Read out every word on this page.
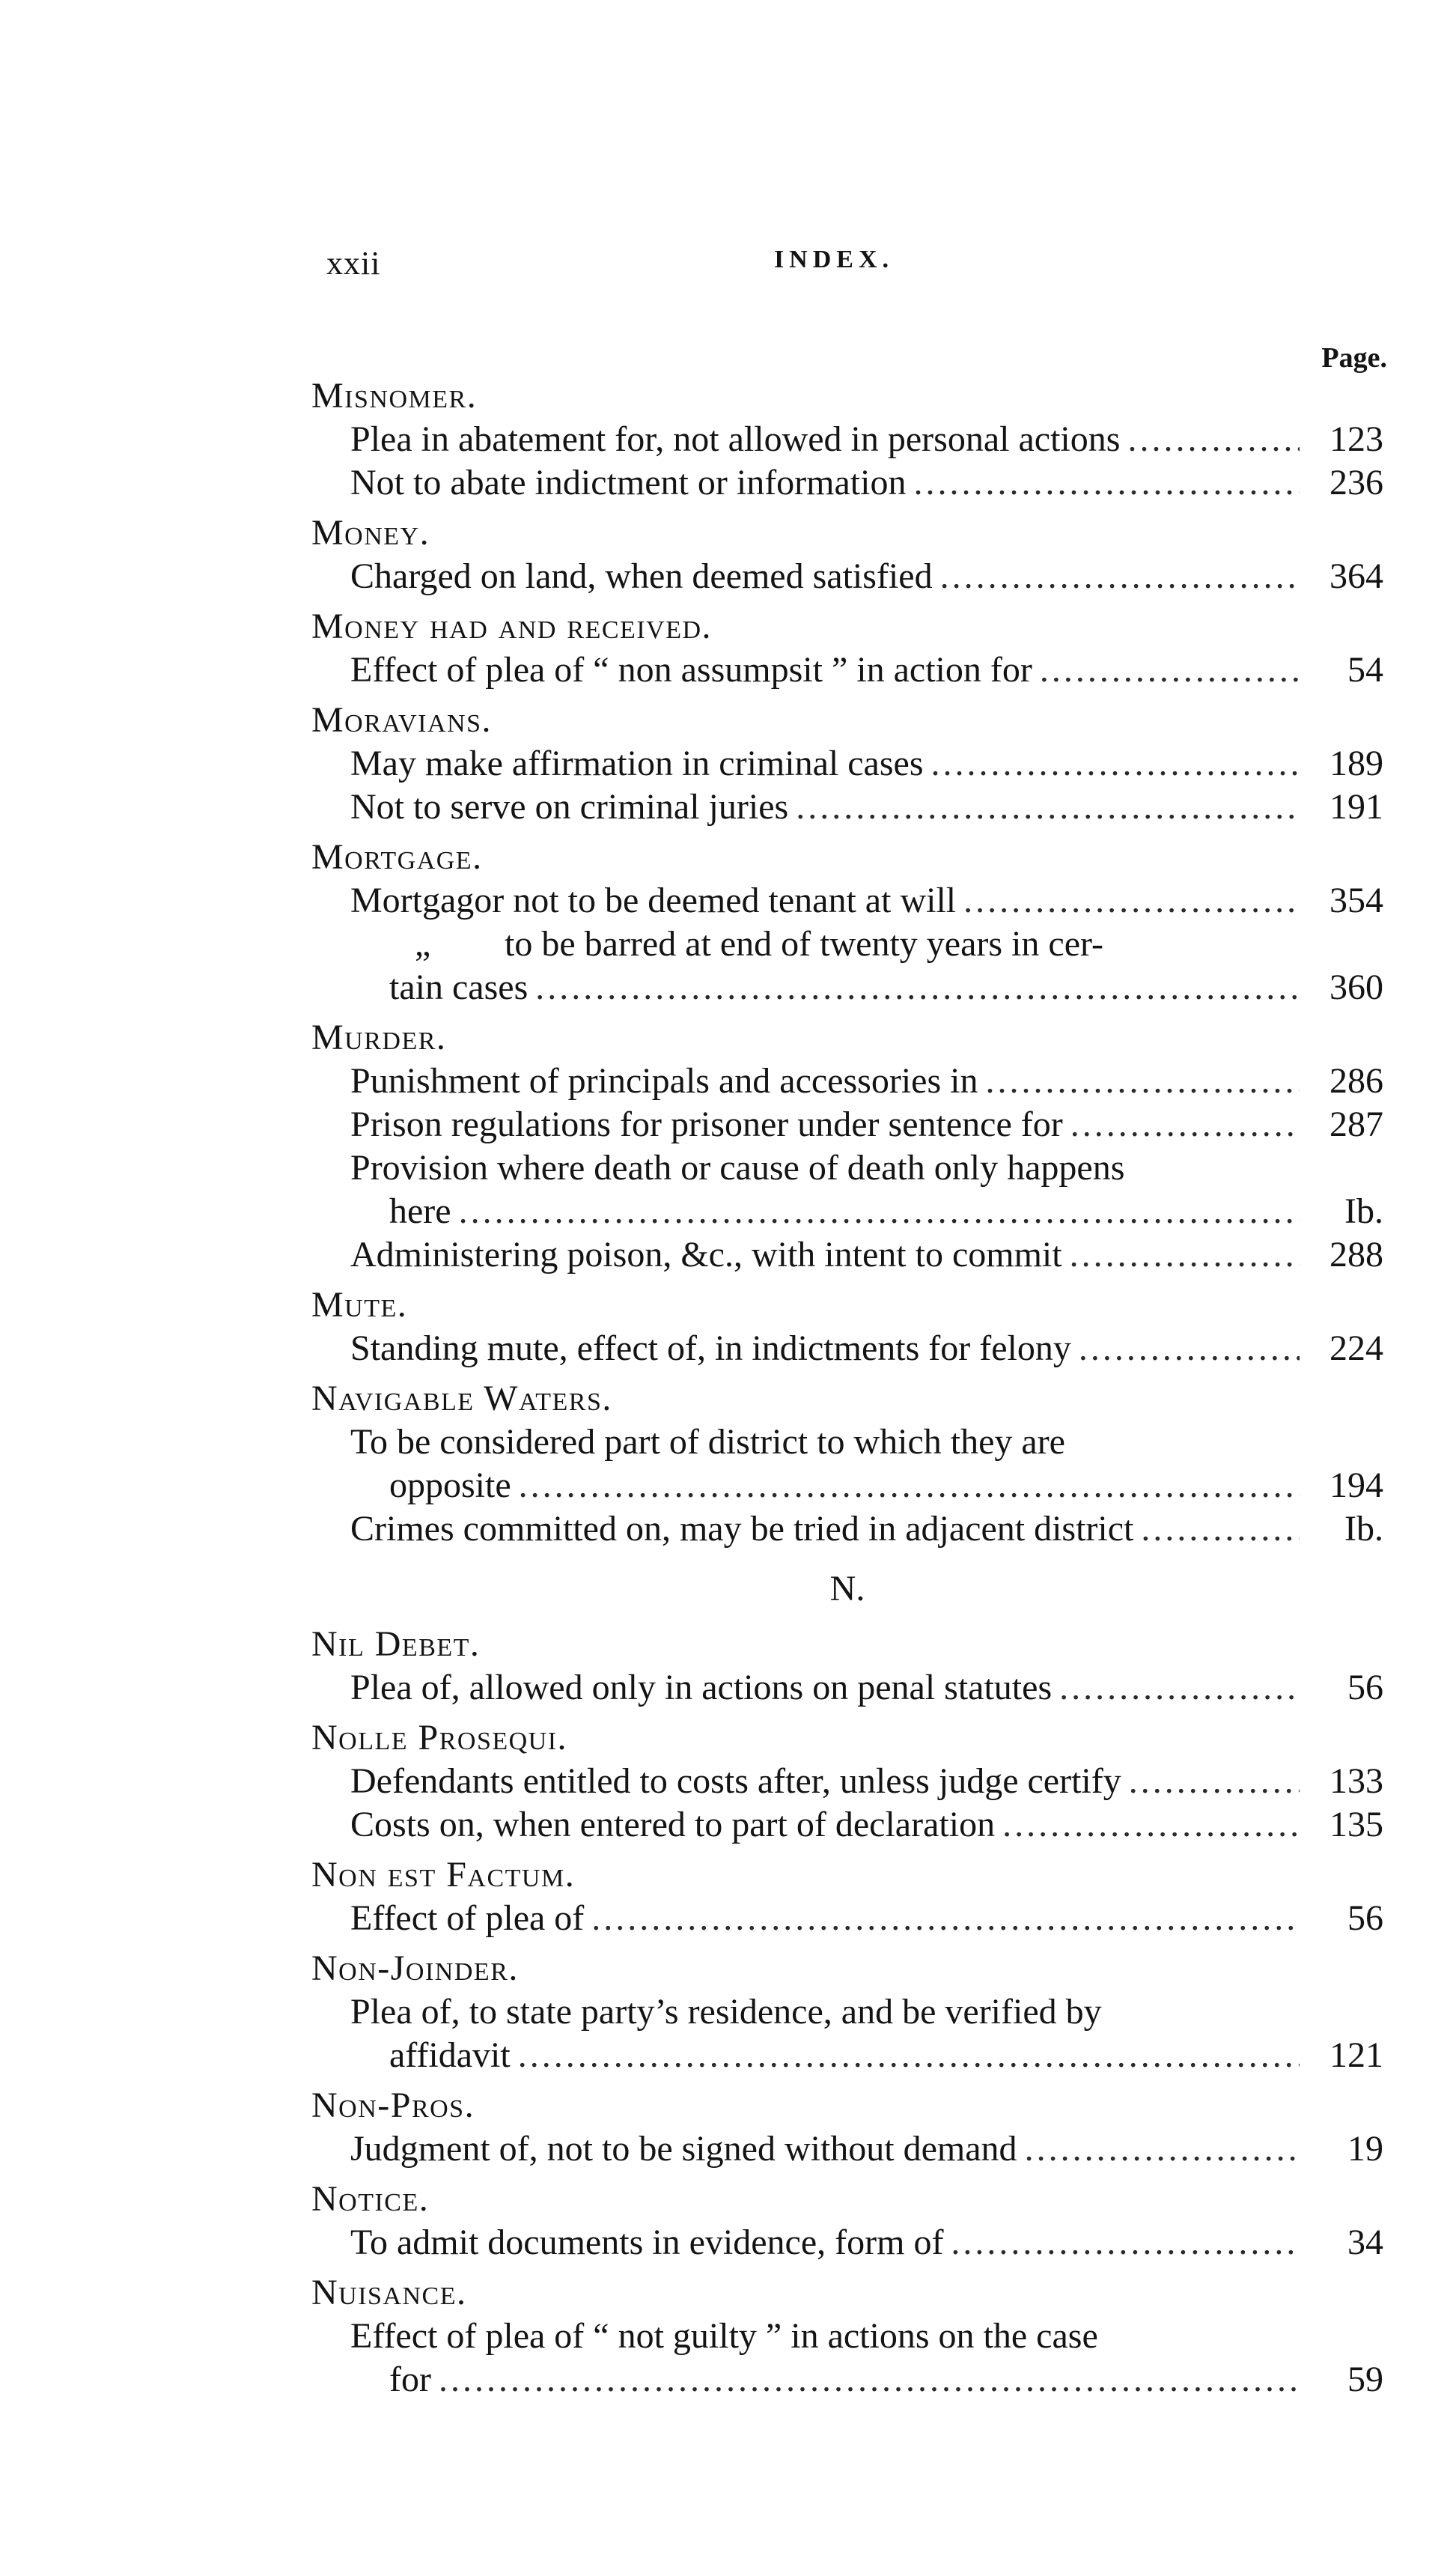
xxii	INDEX.
Page.
Misnomer.
Plea in abatement for, not allowed in personal actions .....	123
Not to abate indictment or information .....	236
Money.
Charged on land, when deemed satisfied .....	364
Money had and received.
Effect of plea of “ non assumpsit ” in action for .....	54
Moravians.
May make affirmation in criminal cases .....	189
Not to serve on criminal juries .....	191
Mortgage.
Mortgagor not to be deemed tenant at will .....	354
„ to be barred at end of twenty years in cer-
tain cases .....	360
Murder.
Punishment of principals and accessories in .....	286
Prison regulations for prisoner under sentence for .....	287
Provision where death or cause of death only happens
here .....	Ib.
Administering poison, &c., with intent to commit .....	288
Mute.
Standing mute, effect of, in indictments for felony .....	224
Navigable Waters.
To be considered part of district to which they are
opposite .....	194
Crimes committed on, may be tried in adjacent district .....	Ib.
N.
Nil Debet.
Plea of, allowed only in actions on penal statutes .....	56
Nolle Prosequi.
Defendants entitled to costs after, unless judge certify .....	133
Costs on, when entered to part of declaration .....	135
Non est Factum.
Effect of plea of .....	56
Non-Joinder.
Plea of, to state party’s residence, and be verified by
affidavit .....	121
Non-Pros.
Judgment of, not to be signed without demand .....	19
Notice.
To admit documents in evidence, form of .....	34
Nuisance.
Effect of plea of “ not guilty ” in actions on the case
for .....	59
